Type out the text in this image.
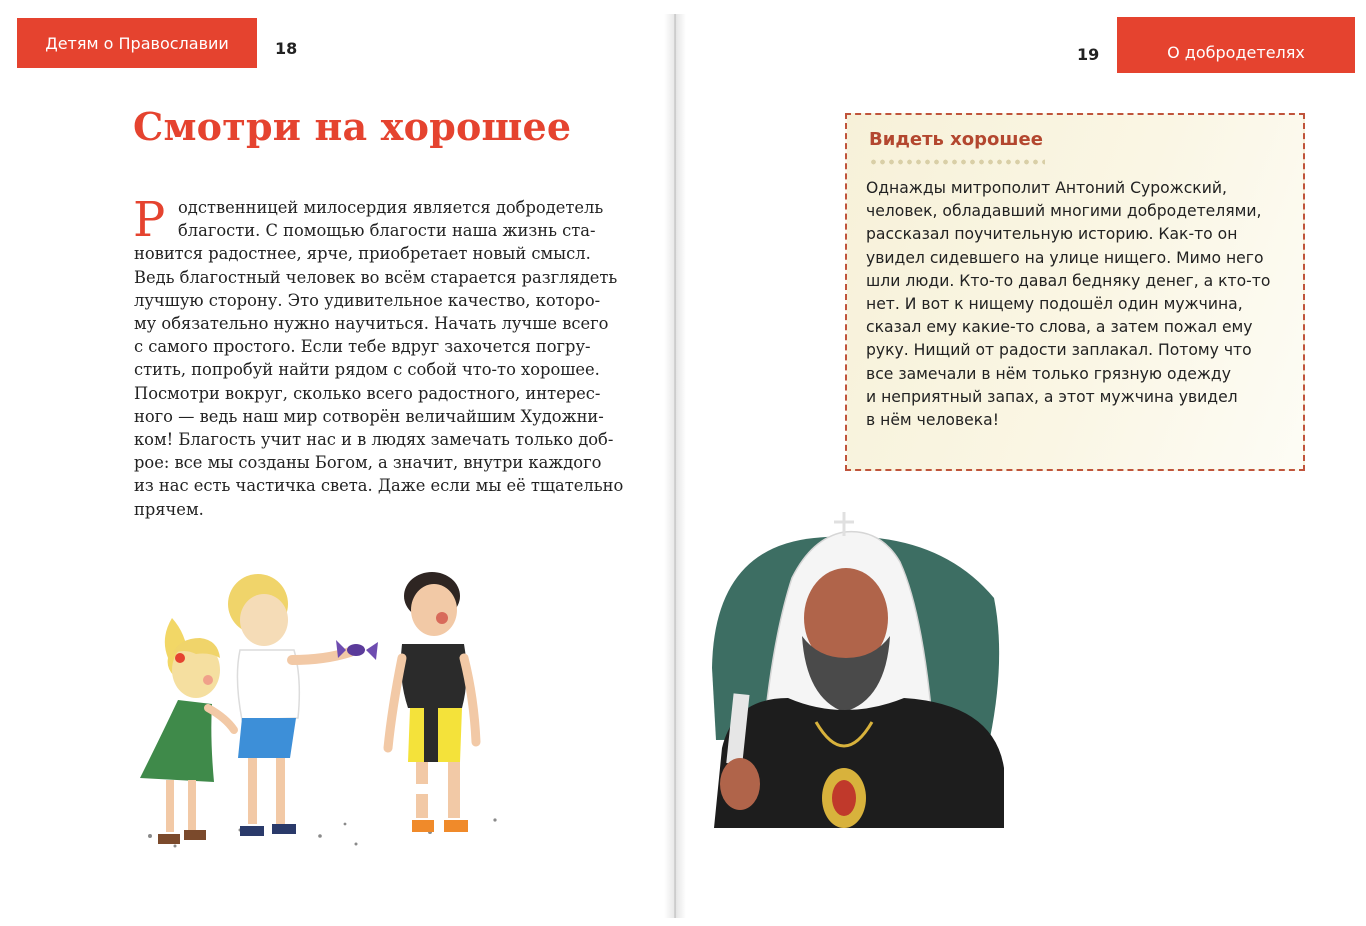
Детям о Православии	18	19	О добродетелях
Смотри на хорошее
Р одственницей милосердия является добродетель
благости. С помощью благости наша жизнь ста-
новится радостнее, ярче, приобретает новый смысл.
Ведь благостный человек во всём старается разглядеть
лучшую сторону. Это удивительное качество, которо-
му обязательно нужно научиться. Начать лучше всего
с самого простого. Если тебе вдруг захочется погру-
стить, попробуй найти рядом с собой что-то хорошее.
Посмотри вокруг, сколько всего радостного, интерес-
ного — ведь наш мир сотворён величайшим Художни-
ком! Благость учит нас и в людях замечать только доб-
рое: все мы созданы Богом, а значит, внутри каждого
из нас есть частичка света. Даже если мы её тщательно
прячем.

Видеть хорошее

Однажды митрополит Антоний Сурожский,
человек, обладавший многими добродетелями,
рассказал поучительную историю. Как-то он
увидел сидевшего на улице нищего. Мимо него
шли люди. Кто-то давал бедняку денег, а кто-то
нет. И вот к нищему подошёл один мужчина,
сказал ему какие-то слова, а затем пожал ему
руку. Нищий от радости заплакал. Потому что
все замечали в нём только грязную одежду
и неприятный запах, а этот мужчина увидел
в нём человека!
